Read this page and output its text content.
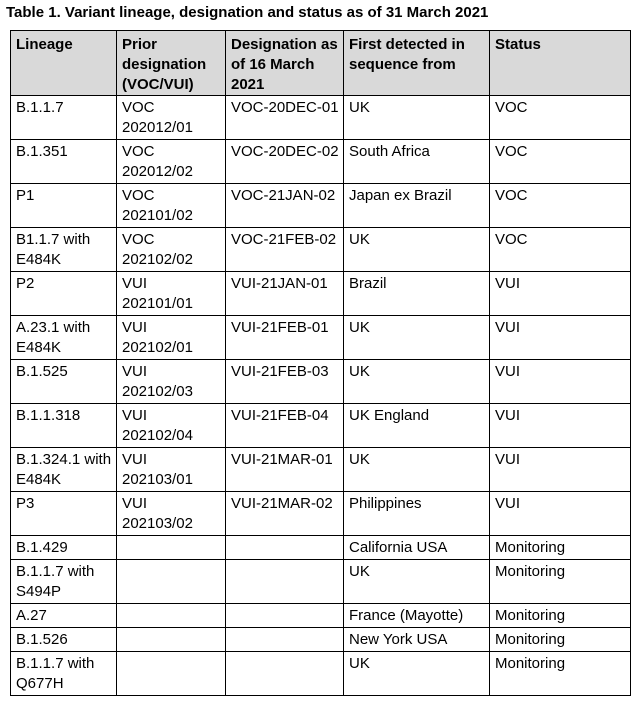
Table 1. Variant lineage, designation and status as of 31 March 2021
Lineage	Prior designation (VOC/VUI)	Designation as of 16 March 2021	First detected in sequence from	Status
B.1.1.7	VOC 202012/01	VOC-20DEC-01	UK	VOC
B.1.351	VOC 202012/02	VOC-20DEC-02	South Africa	VOC
P1	VOC 202101/02	VOC-21JAN-02	Japan ex Brazil	VOC
B1.1.7 with E484K	VOC 202102/02	VOC-21FEB-02	UK	VOC
P2	VUI 202101/01	VUI-21JAN-01	Brazil	VUI
A.23.1 with E484K	VUI 202102/01	VUI-21FEB-01	UK	VUI
B.1.525	VUI 202102/03	VUI-21FEB-03	UK	VUI
B.1.1.318	VUI 202102/04	VUI-21FEB-04	UK England	VUI
B.1.324.1 with E484K	VUI 202103/01	VUI-21MAR-01	UK	VUI
P3	VUI 202103/02	VUI-21MAR-02	Philippines	VUI
B.1.429			California USA	Monitoring
B.1.1.7 with S494P			UK	Monitoring
A.27			France (Mayotte)	Monitoring
B.1.526			New York USA	Monitoring
B.1.1.7 with Q677H			UK	Monitoring
